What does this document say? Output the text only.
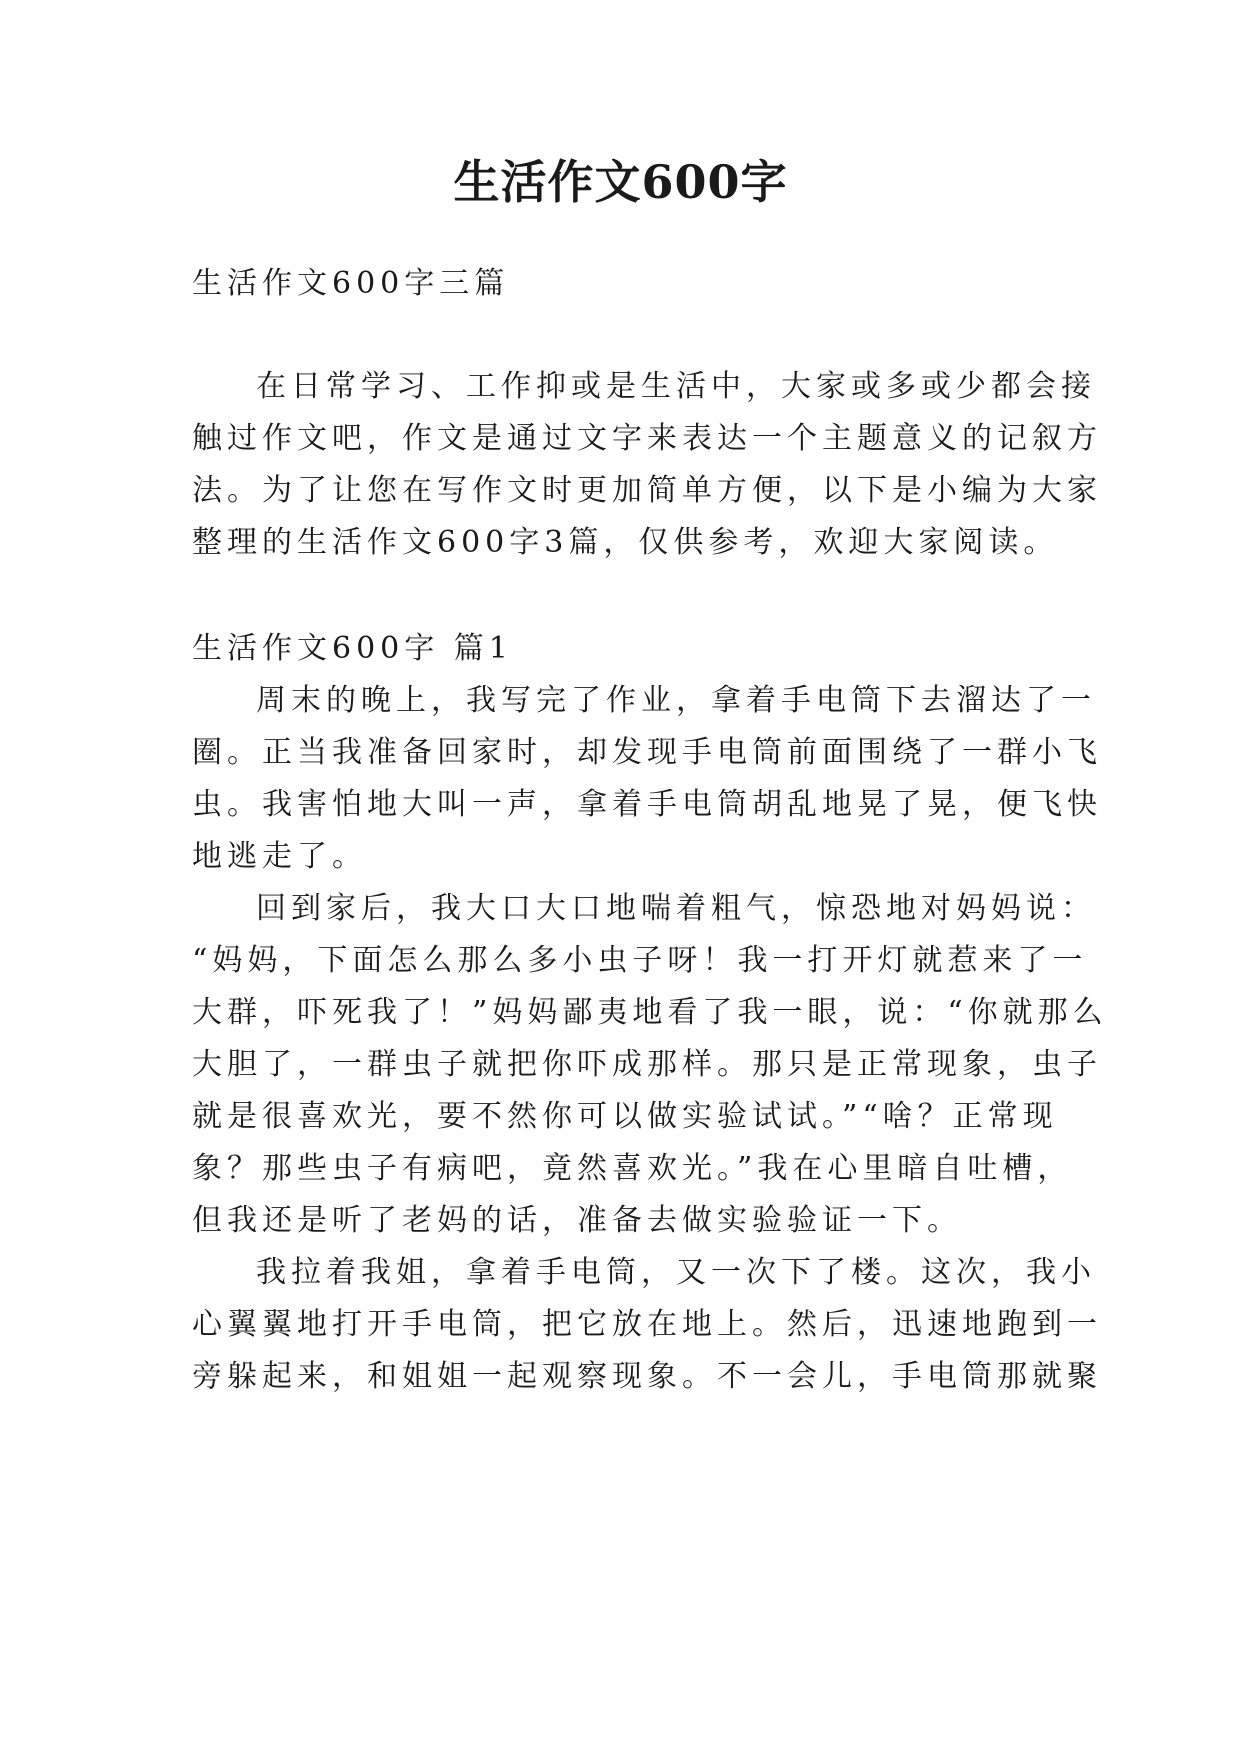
生活作文600字
生活作文600字三篇
在日常学习、工作抑或是生活中，大家或多或少都会接
触过作文吧，作文是通过文字来表达一个主题意义的记叙方
法。为了让您在写作文时更加简单方便，以下是小编为大家
整理的生活作文600字3篇，仅供参考，欢迎大家阅读。
生活作文600字 篇1
周末的晚上，我写完了作业，拿着手电筒下去溜达了一
圈。正当我准备回家时，却发现手电筒前面围绕了一群小飞
虫。我害怕地大叫一声，拿着手电筒胡乱地晃了晃，便飞快
地逃走了。
回到家后，我大口大口地喘着粗气，惊恐地对妈妈说：
“妈妈，下面怎么那么多小虫子呀！我一打开灯就惹来了一
大群，吓死我了！”妈妈鄙夷地看了我一眼，说：“你就那么
大胆了，一群虫子就把你吓成那样。那只是正常现象，虫子
就是很喜欢光，要不然你可以做实验试试。”“啥？正常现
象？那些虫子有病吧，竟然喜欢光。”我在心里暗自吐槽，
但我还是听了老妈的话，准备去做实验验证一下。
我拉着我姐，拿着手电筒，又一次下了楼。这次，我小
心翼翼地打开手电筒，把它放在地上。然后，迅速地跑到一
旁躲起来，和姐姐一起观察现象。不一会儿，手电筒那就聚
